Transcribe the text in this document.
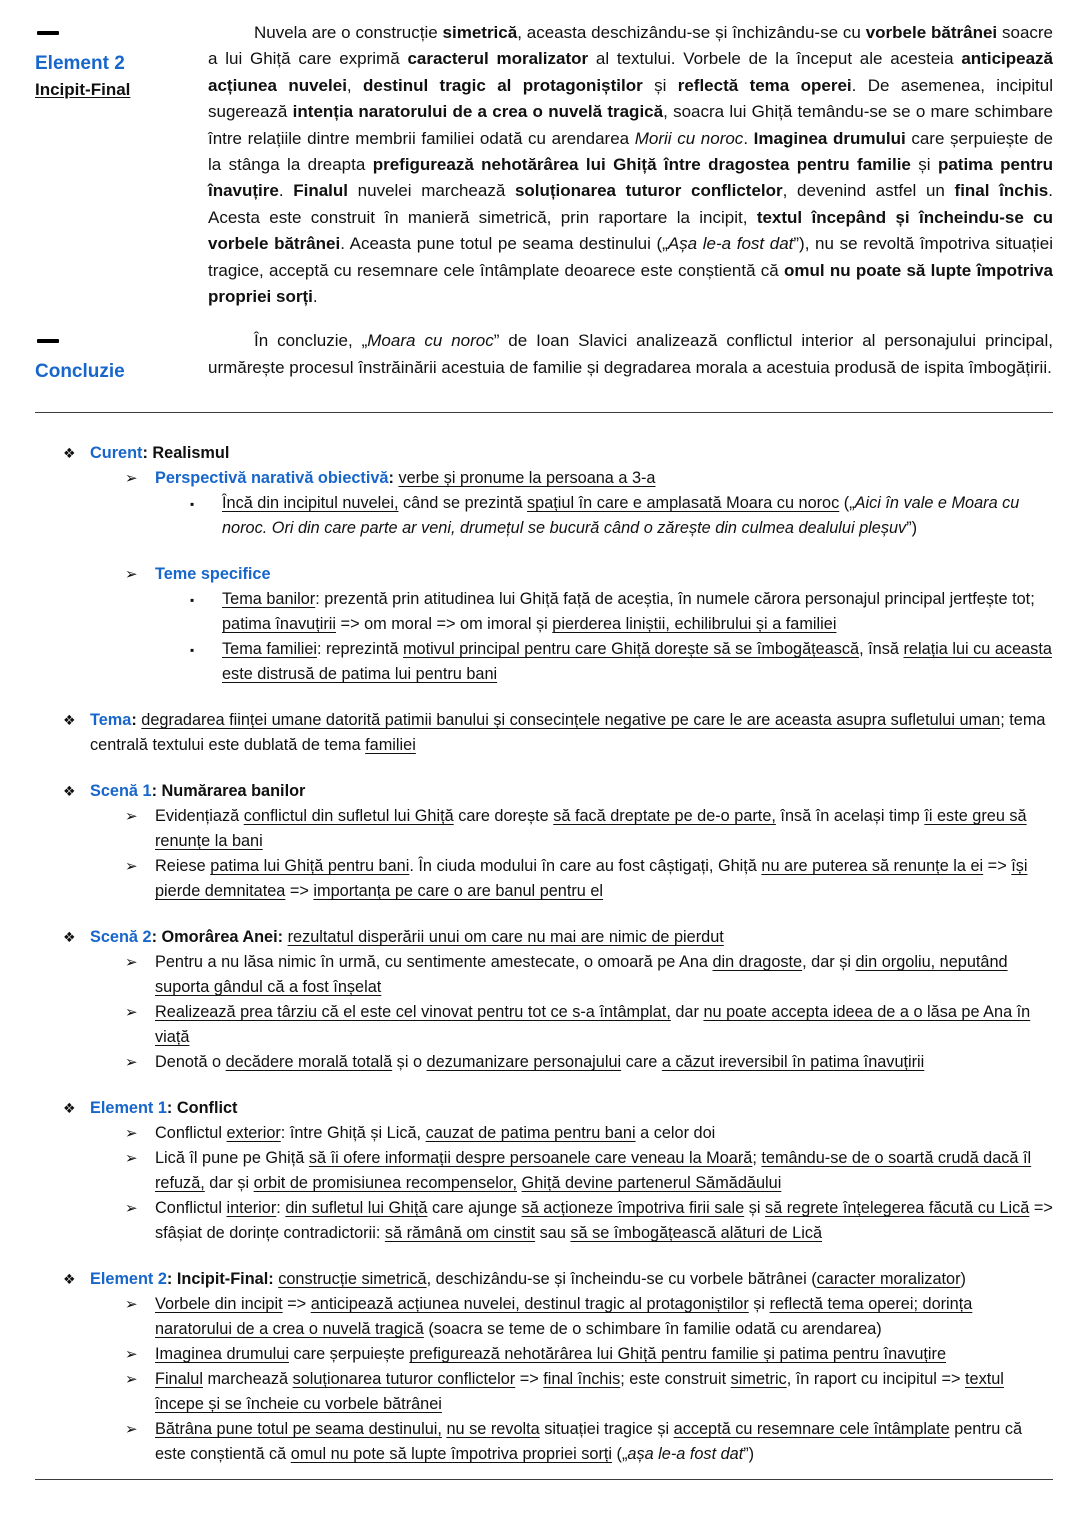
Element 2
Incipit-Final

Nuvela are o construcție simetrică, aceasta deschizându-se și închizându-se cu vorbele bătrânei soacre a lui Ghiță care exprimă caracterul moralizator al textului. Vorbele de la început ale acesteia anticipează acțiunea nuvelei, destinul tragic al protagoniștilor și reflectă tema operei. De asemenea, incipitul sugerează intenția naratorului de a crea o nuvelă tragică, soacra lui Ghiță temându-se se o mare schimbare între relațiile dintre membrii familiei odată cu arendarea Morii cu noroc. Imaginea drumului care șerpuiește de la stânga la dreapta prefigurează nehotărârea lui Ghiță între dragostea pentru familie și patima pentru înavuțire. Finalul nuvelei marchează soluționarea tuturor conflictelor, devenind astfel un final închis. Acesta este construit în manieră simetrică, prin raportare la incipit, textul începând și încheindu-se cu vorbele bătrânei. Aceasta pune totul pe seama destinului („Așa le-a fost dat”), nu se revoltă împotriva situației tragice, acceptă cu resemnare cele întâmplate deoarece este conștientă că omul nu poate să lupte împotriva propriei sorți.

Concluzie

În concluzie, „Moara cu noroc” de Ioan Slavici analizează conflictul interior al personajului principal, urmărește procesul înstrăinării acestuia de familie și degradarea morala a acestuia produsă de ispita îmbogățirii.

❖ Curent: Realismul
➢	Perspectivă narativă obiectivă: verbe și pronume la persoana a 3-a
▪	Încă din incipitul nuvelei, când se prezintă spațiul în care e amplasată Moara cu noroc („Aici în vale e Moara cu noroc. Ori din care parte ar veni, drumețul se bucură când o zărește din culmea dealului pleșuv”)
➢	Teme specifice
▪	Tema banilor: prezentă prin atitudinea lui Ghiță față de aceștia, în numele cărora personajul principal jertfește tot; patima înavuțirii => om moral => om imoral și pierderea liniștii, echilibrului și a familiei
▪	Tema familiei: reprezintă motivul principal pentru care Ghiță dorește să se îmbogățească, însă relația lui cu aceasta este distrusă de patima lui pentru bani
❖ Tema: degradarea ființei umane datorită patimii banului și consecințele negative pe care le are aceasta asupra sufletului uman; tema centrală textului este dublată de tema familiei
❖ Scenă 1: Numărarea banilor
➢	Evidențiază conflictul din sufletul lui Ghiță care dorește să facă dreptate pe de-o parte, însă în același timp îi este greu să renunțe la bani
➢	Reiese patima lui Ghiță pentru bani. În ciuda modului în care au fost câștigați, Ghiță nu are puterea să renunțe la ei => își pierde demnitatea => importanța pe care o are banul pentru el
❖ Scenă 2: Omorârea Anei: rezultatul disperării unui om care nu mai are nimic de pierdut
➢	Pentru a nu lăsa nimic în urmă, cu sentimente amestecate, o omoară pe Ana din dragoste, dar și din orgoliu, neputând suporta gândul că a fost înșelat
➢	Realizează prea târziu că el este cel vinovat pentru tot ce s-a întâmplat, dar nu poate accepta ideea de a o lăsa pe Ana în viață
➢	Denotă o decădere morală totală și o dezumanizare personajului care a căzut ireversibil în patima înavuțirii
❖ Element 1: Conflict
➢	Conflictul exterior: între Ghiță și Lică, cauzat de patima pentru bani a celor doi
➢	Lică îl pune pe Ghiță să îi ofere informații despre persoanele care veneau la Moară; temându-se de o soartă crudă dacă îl refuză, dar și orbit de promisiunea recompenselor, Ghiță devine partenerul Sămădăului
➢	Conflictul interior: din sufletul lui Ghiță care ajunge să acționeze împotriva firii sale și să regrete înțelegerea făcută cu Lică => sfâșiat de dorințe contradictorii: să rămână om cinstit sau să se îmbogățească alături de Lică
❖ Element 2: Incipit-Final: construcție simetrică, deschizându-se și încheindu-se cu vorbele bătrânei (caracter moralizator)
➢	Vorbele din incipit => anticipează acțiunea nuvelei, destinul tragic al protagoniștilor și reflectă tema operei; dorința naratorului de a crea o nuvelă tragică (soacra se teme de o schimbare în familie odată cu arendarea)
➢	Imaginea drumului care șerpuiește prefigurează nehotărârea lui Ghiță pentru familie și patima pentru înavuțire
➢	Finalul marchează soluționarea tuturor conflictelor => final închis; este construit simetric, în raport cu incipitul => textul începe și se încheie cu vorbele bătrânei
➢	Bătrâna pune totul pe seama destinului, nu se revolta situației tragice și acceptă cu resemnare cele întâmplate pentru că este conștientă că omul nu pote să lupte împotriva propriei sorți („așa le-a fost dat”)
